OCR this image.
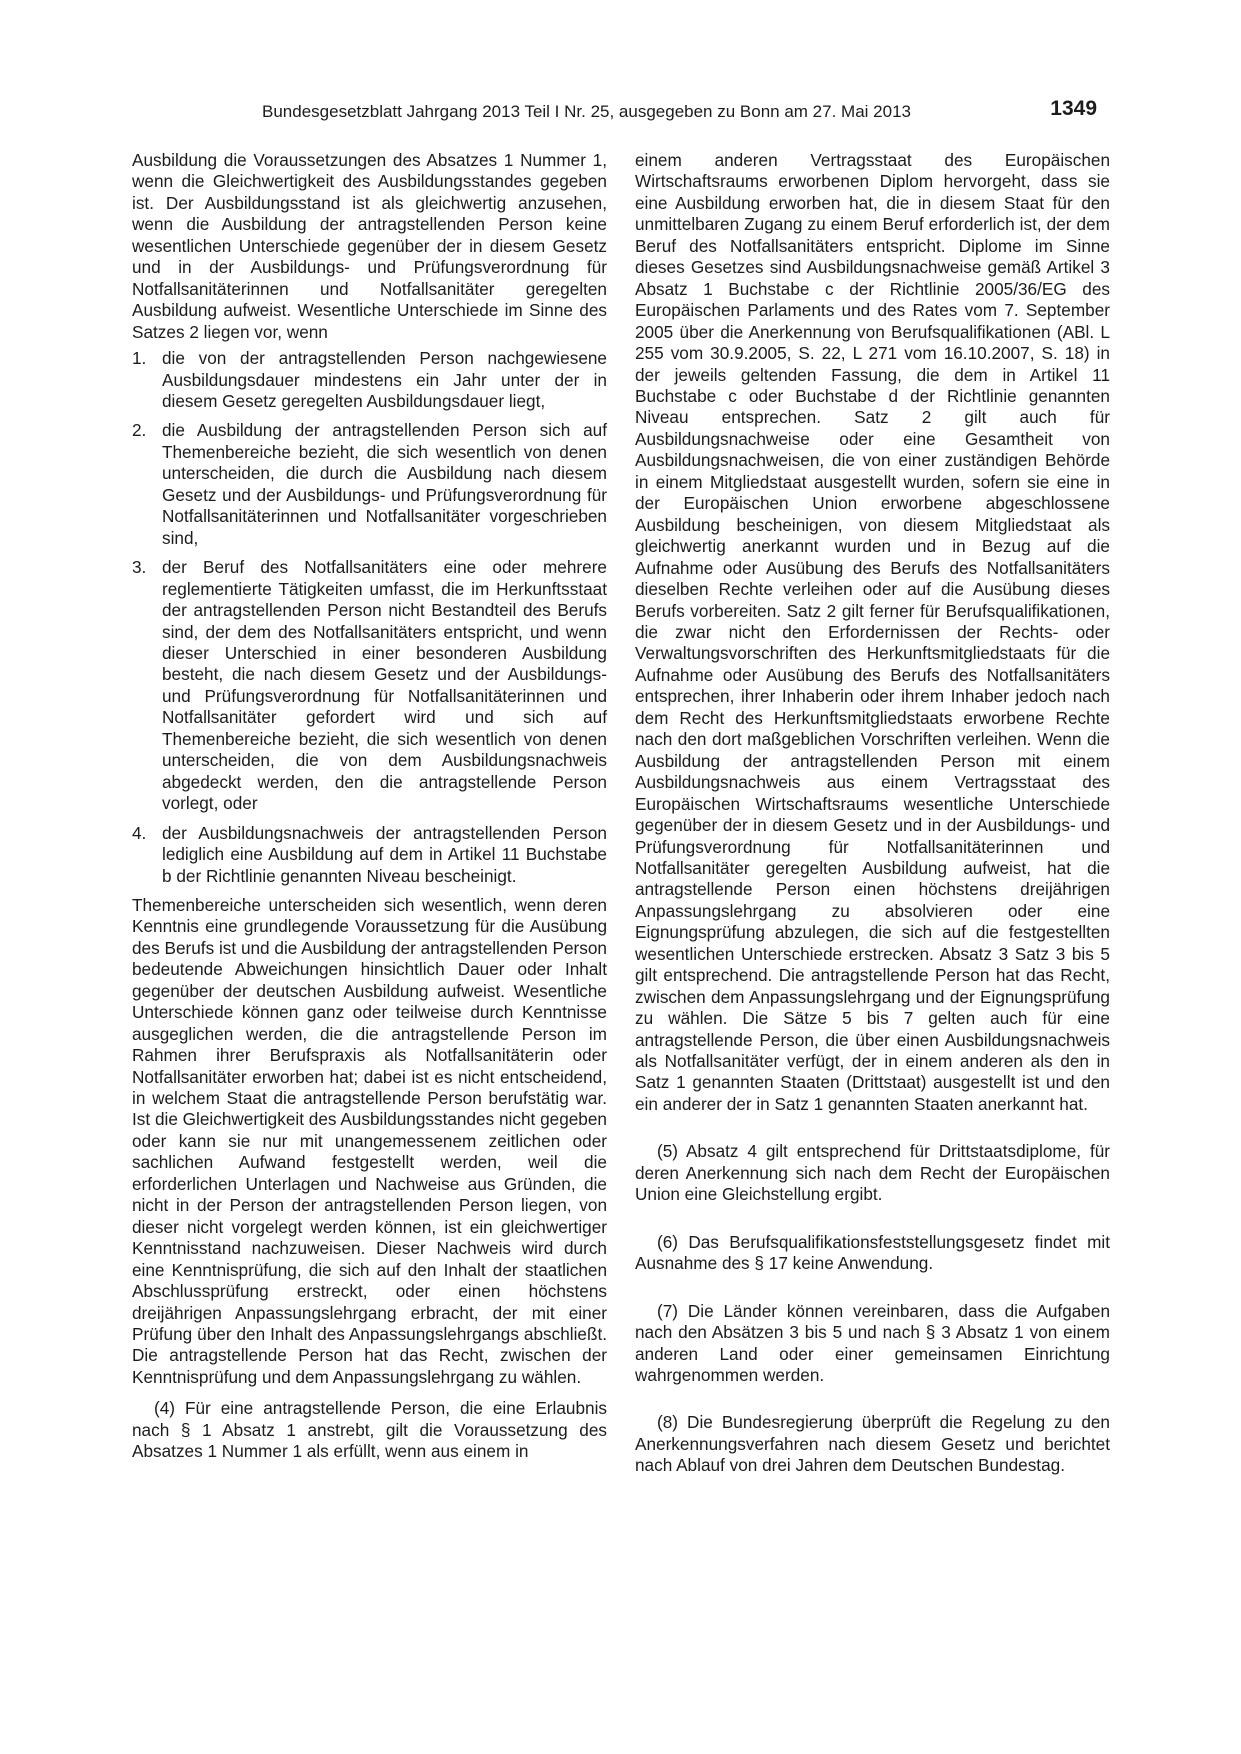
Bundesgesetzblatt Jahrgang 2013 Teil I Nr. 25, ausgegeben zu Bonn am 27. Mai 2013	1349

Ausbildung die Voraussetzungen des Absatzes 1 Nummer 1, wenn die Gleichwertigkeit des Ausbildungsstandes gegeben ist. Der Ausbildungsstand ist als gleichwertig anzusehen, wenn die Ausbildung der antragstellenden Person keine wesentlichen Unterschiede gegenüber der in diesem Gesetz und in der Ausbildungs- und Prüfungsverordnung für Notfallsanitäterinnen und Notfallsanitäter geregelten Ausbildung aufweist. Wesentliche Unterschiede im Sinne des Satzes 2 liegen vor, wenn

1. die von der antragstellenden Person nachgewiesene Ausbildungsdauer mindestens ein Jahr unter der in diesem Gesetz geregelten Ausbildungsdauer liegt,
2. die Ausbildung der antragstellenden Person sich auf Themenbereiche bezieht, die sich wesentlich von denen unterscheiden, die durch die Ausbildung nach diesem Gesetz und der Ausbildungs- und Prüfungsverordnung für Notfallsanitäterinnen und Notfallsanitäter vorgeschrieben sind,
3. der Beruf des Notfallsanitäters eine oder mehrere reglementierte Tätigkeiten umfasst, die im Herkunftsstaat der antragstellenden Person nicht Bestandteil des Berufs sind, der dem des Notfallsanitäters entspricht, und wenn dieser Unterschied in einer besonderen Ausbildung besteht, die nach diesem Gesetz und der Ausbildungs- und Prüfungsverordnung für Notfallsanitäterinnen und Notfallsanitäter gefordert wird und sich auf Themenbereiche bezieht, die sich wesentlich von denen unterscheiden, die von dem Ausbildungsnachweis abgedeckt werden, den die antragstellende Person vorlegt, oder
4. der Ausbildungsnachweis der antragstellenden Person lediglich eine Ausbildung auf dem in Artikel 11 Buchstabe b der Richtlinie genannten Niveau bescheinigt.

Themenbereiche unterscheiden sich wesentlich, wenn deren Kenntnis eine grundlegende Voraussetzung für die Ausübung des Berufs ist und die Ausbildung der antragstellenden Person bedeutende Abweichungen hinsichtlich Dauer oder Inhalt gegenüber der deutschen Ausbildung aufweist. Wesentliche Unterschiede können ganz oder teilweise durch Kenntnisse ausgeglichen werden, die die antragstellende Person im Rahmen ihrer Berufspraxis als Notfallsanitäterin oder Notfallsanitäter erworben hat; dabei ist es nicht entscheidend, in welchem Staat die antragstellende Person berufstätig war. Ist die Gleichwertigkeit des Ausbildungsstandes nicht gegeben oder kann sie nur mit unangemessenem zeitlichen oder sachlichen Aufwand festgestellt werden, weil die erforderlichen Unterlagen und Nachweise aus Gründen, die nicht in der Person der antragstellenden Person liegen, von dieser nicht vorgelegt werden können, ist ein gleichwertiger Kenntnisstand nachzuweisen. Dieser Nachweis wird durch eine Kenntnisprüfung, die sich auf den Inhalt der staatlichen Abschlussprüfung erstreckt, oder einen höchstens dreijährigen Anpassungslehrgang erbracht, der mit einer Prüfung über den Inhalt des Anpassungslehrgangs abschließt. Die antragstellende Person hat das Recht, zwischen der Kenntnisprüfung und dem Anpassungslehrgang zu wählen.

(4) Für eine antragstellende Person, die eine Erlaubnis nach § 1 Absatz 1 anstrebt, gilt die Voraussetzung des Absatzes 1 Nummer 1 als erfüllt, wenn aus einem in

einem anderen Vertragsstaat des Europäischen Wirtschaftsraums erworbenen Diplom hervorgeht, dass sie eine Ausbildung erworben hat, die in diesem Staat für den unmittelbaren Zugang zu einem Beruf erforderlich ist, der dem Beruf des Notfallsanitäters entspricht. Diplome im Sinne dieses Gesetzes sind Ausbildungsnachweise gemäß Artikel 3 Absatz 1 Buchstabe c der Richtlinie 2005/36/EG des Europäischen Parlaments und des Rates vom 7. September 2005 über die Anerkennung von Berufsqualifikationen (ABl. L 255 vom 30.9.2005, S. 22, L 271 vom 16.10.2007, S. 18) in der jeweils geltenden Fassung, die dem in Artikel 11 Buchstabe c oder Buchstabe d der Richtlinie genannten Niveau entsprechen. Satz 2 gilt auch für Ausbildungsnachweise oder eine Gesamtheit von Ausbildungsnachweisen, die von einer zuständigen Behörde in einem Mitgliedstaat ausgestellt wurden, sofern sie eine in der Europäischen Union erworbene abgeschlossene Ausbildung bescheinigen, von diesem Mitgliedstaat als gleichwertig anerkannt wurden und in Bezug auf die Aufnahme oder Ausübung des Berufs des Notfallsanitäters dieselben Rechte verleihen oder auf die Ausübung dieses Berufs vorbereiten. Satz 2 gilt ferner für Berufsqualifikationen, die zwar nicht den Erfordernissen der Rechts- oder Verwaltungsvorschriften des Herkunftsmitgliedstaats für die Aufnahme oder Ausübung des Berufs des Notfallsanitäters entsprechen, ihrer Inhaberin oder ihrem Inhaber jedoch nach dem Recht des Herkunftsmitgliedstaats erworbene Rechte nach den dort maßgeblichen Vorschriften verleihen. Wenn die Ausbildung der antragstellenden Person mit einem Ausbildungsnachweis aus einem Vertragsstaat des Europäischen Wirtschaftsraums wesentliche Unterschiede gegenüber der in diesem Gesetz und in der Ausbildungs- und Prüfungsverordnung für Notfallsanitäterinnen und Notfallsanitäter geregelten Ausbildung aufweist, hat die antragstellende Person einen höchstens dreijährigen Anpassungslehrgang zu absolvieren oder eine Eignungsprüfung abzulegen, die sich auf die festgestellten wesentlichen Unterschiede erstrecken. Absatz 3 Satz 3 bis 5 gilt entsprechend. Die antragstellende Person hat das Recht, zwischen dem Anpassungslehrgang und der Eignungsprüfung zu wählen. Die Sätze 5 bis 7 gelten auch für eine antragstellende Person, die über einen Ausbildungsnachweis als Notfallsanitäter verfügt, der in einem anderen als den in Satz 1 genannten Staaten (Drittstaat) ausgestellt ist und den ein anderer der in Satz 1 genannten Staaten anerkannt hat.

(5) Absatz 4 gilt entsprechend für Drittstaatsdiplome, für deren Anerkennung sich nach dem Recht der Europäischen Union eine Gleichstellung ergibt.

(6) Das Berufsqualifikationsfeststellungsgesetz findet mit Ausnahme des § 17 keine Anwendung.

(7) Die Länder können vereinbaren, dass die Aufgaben nach den Absätzen 3 bis 5 und nach § 3 Absatz 1 von einem anderen Land oder einer gemeinsamen Einrichtung wahrgenommen werden.

(8) Die Bundesregierung überprüft die Regelung zu den Anerkennungsverfahren nach diesem Gesetz und berichtet nach Ablauf von drei Jahren dem Deutschen Bundestag.
